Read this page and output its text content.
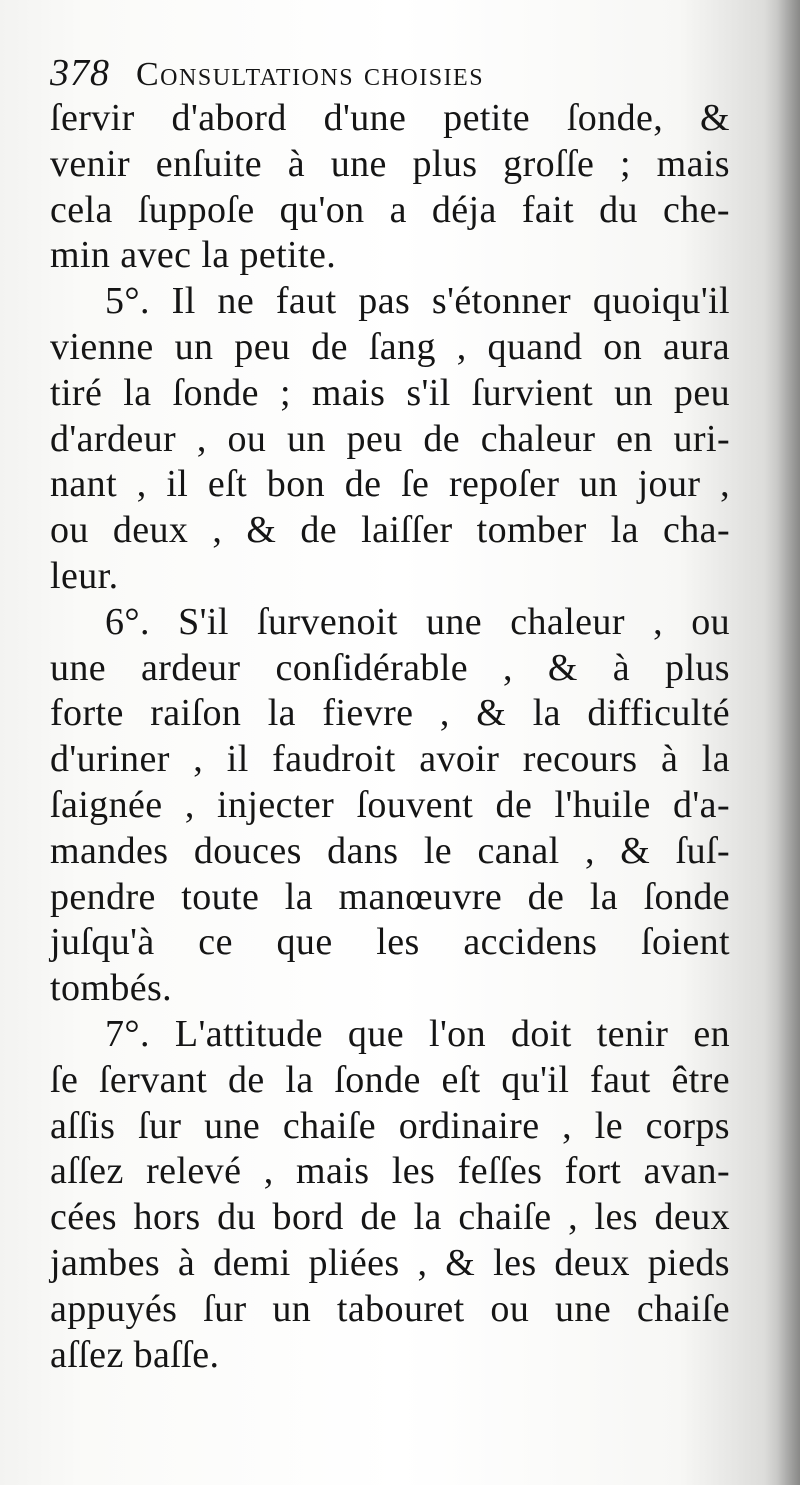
378 Consultations choisies
ſervir d'abord d'une petite ſonde, &
venir enſuite à une plus groſſe ; mais
cela ſuppoſe qu'on a déja fait du che-
min avec la petite.
5°. Il ne faut pas s'étonner quoiqu'il
vienne un peu de ſang , quand on aura
tiré la ſonde ; mais s'il ſurvient un peu
d'ardeur , ou un peu de chaleur en uri-
nant , il eſt bon de ſe repoſer un jour ,
ou deux , & de laiſſer tomber la cha-
leur.
6°. S'il ſurvenoit une chaleur , ou
une ardeur conſidérable , & à plus
forte raiſon la fievre , & la difficulté
d'uriner , il faudroit avoir recours à la
ſaignée , injecter ſouvent de l'huile d'a-
mandes douces dans le canal , & ſuſ-
pendre toute la manœuvre de la ſonde
juſqu'à ce que les accidens ſoient
tombés.
7°. L'attitude que l'on doit tenir en
ſe ſervant de la ſonde eſt qu'il faut être
aſſis ſur une chaiſe ordinaire , le corps
aſſez relevé , mais les feſſes fort avan-
cées hors du bord de la chaiſe , les deux
jambes à demi pliées , & les deux pieds
appuyés ſur un tabouret ou une chaiſe
aſſez baſſe.
